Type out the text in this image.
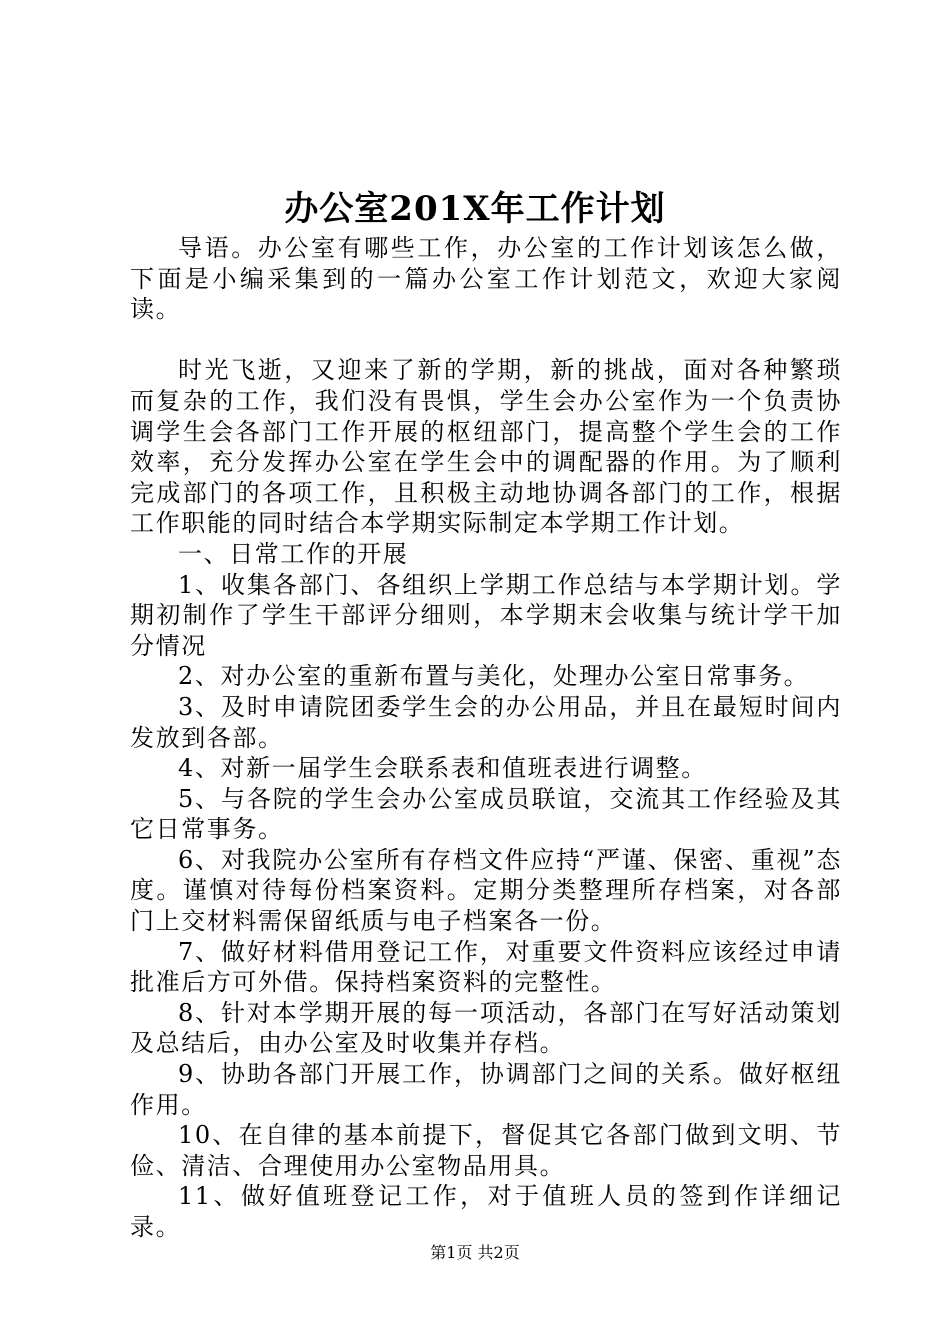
办公室201X年工作计划

导语。办公室有哪些工作，办公室的工作计划该怎么做，下面是小编采集到的一篇办公室工作计划范文，欢迎大家阅读。

时光飞逝，又迎来了新的学期，新的挑战，面对各种繁琐而复杂的工作，我们没有畏惧，学生会办公室作为一个负责协调学生会各部门工作开展的枢纽部门，提高整个学生会的工作效率，充分发挥办公室在学生会中的调配器的作用。为了顺利完成部门的各项工作，且积极主动地协调各部门的工作，根据工作职能的同时结合本学期实际制定本学期工作计划。

一、日常工作的开展

1、收集各部门、各组织上学期工作总结与本学期计划。学期初制作了学生干部评分细则，本学期末会收集与统计学干加分情况

2、对办公室的重新布置与美化，处理办公室日常事务。

3、及时申请院团委学生会的办公用品，并且在最短时间内发放到各部。

4、对新一届学生会联系表和值班表进行调整。

5、与各院的学生会办公室成员联谊，交流其工作经验及其它日常事务。

6、对我院办公室所有存档文件应持“严谨、保密、重视”态度。谨慎对待每份档案资料。定期分类整理所存档案，对各部门上交材料需保留纸质与电子档案各一份。

7、做好材料借用登记工作，对重要文件资料应该经过申请批准后方可外借。保持档案资料的完整性。

8、针对本学期开展的每一项活动，各部门在写好活动策划及总结后，由办公室及时收集并存档。

9、协助各部门开展工作，协调部门之间的关系。做好枢纽作用。

10、在自律的基本前提下，督促其它各部门做到文明、节俭、清洁、合理使用办公室物品用具。

11、做好值班登记工作，对于值班人员的签到作详细记录。

第1页 共2页
